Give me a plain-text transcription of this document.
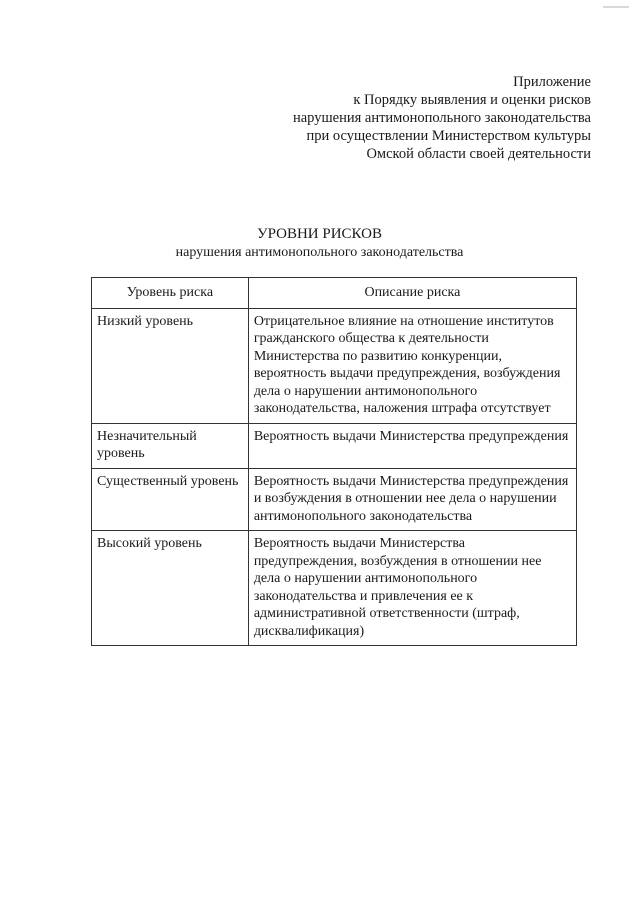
Приложение
к Порядку выявления и оценки рисков
нарушения антимонопольного законодательства
при осуществлении Министерством культуры
Омской области своей деятельности
УРОВНИ РИСКОВ
нарушения антимонопольного законодательства
Уровень риска	Описание риска
Низкий уровень	Отрицательное влияние на отношение институтов гражданского общества к деятельности Министерства по развитию конкуренции, вероятность выдачи предупреждения, возбуждения дела о нарушении антимонопольного законодательства, наложения штрафа отсутствует
Незначительный уровень	Вероятность выдачи Министерства предупреждения
Существенный уровень	Вероятность выдачи Министерства предупреждения и возбуждения в отношении нее дела о нарушении антимонопольного законодательства
Высокий уровень	Вероятность выдачи Министерства предупреждения, возбуждения в отношении нее дела о нарушении антимонопольного законодательства и привлечения ее к административной ответственности (штраф, дисквалификация)
